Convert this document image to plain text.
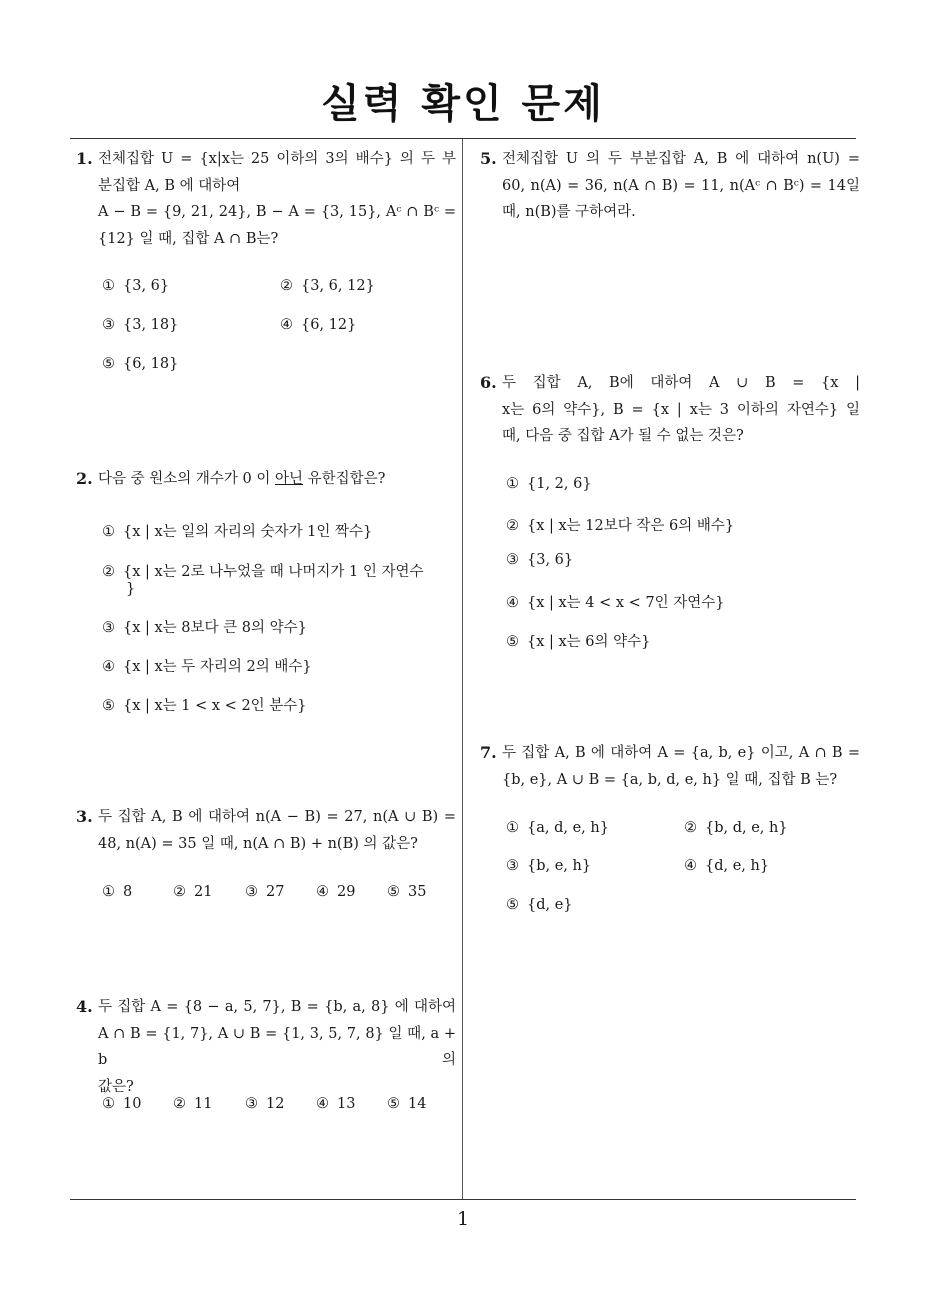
실력 확인 문제
1
1. 전체집합 U = {x|x는 25 이하의 3의 배수} 의 두 부
분집합 A, B 에 대하여
A − B = {9, 21, 24}, B − A = {3, 15}, Aᶜ ∩ Bᶜ =
{12} 일 때, 집합 A ∩ B는?
① {3, 6}	② {3, 6, 12}
③ {3, 18}	④ {6, 12}
⑤ {6, 18}
2. 다음 중 원소의 개수가 0 이 아닌 유한집합은?
① {x | x는 일의 자리의 숫자가 1인 짝수}
② {x | x는 2로 나누었을 때 나머지가 1 인 자연수
}
③ {x | x는 8보다 큰 8의 약수}
④ {x | x는 두 자리의 2의 배수}
⑤ {x | x는 1 < x < 2인 분수}
3. 두 집합 A, B 에 대하여 n(A − B) = 27, n(A ∪ B) =
48, n(A) = 35 일 때, n(A ∩ B) + n(B) 의 값은?
① 8	② 21 ③ 27 ④ 29 ⑤ 35
4. 두 집합 A = {8 − a, 5, 7}, B = {b, a, 8} 에 대하여
A ∩ B = {1, 7}, A ∪ B = {1, 3, 5, 7, 8} 일 때, a + b 의
값은?
① 10 ② 11 ③ 12 ④ 13 ⑤ 14
5. 전체집합 U 의 두 부분집합 A, B 에 대하여 n(U) =
60, n(A) = 36, n(A ∩ B) = 11, n(Aᶜ ∩ Bᶜ) = 14일
때, n(B)를 구하여라.
6. 두 집합 A, B에 대하여 A ∪ B = {x |
x는 6의 약수}, B = {x | x는 3 이하의 자연수} 일
때, 다음 중 집합 A가 될 수 없는 것은?
① {1, 2, 6}
② {x | x는 12보다 작은 6의 배수}
③ {3, 6}
④ {x | x는 4 < x < 7인 자연수}
⑤ {x | x는 6의 약수}
7. 두 집합 A, B 에 대하여 A = {a, b, e} 이고, A ∩ B =
{b, e}, A ∪ B = {a, b, d, e, h} 일 때, 집합 B 는?
① {a, d, e, h}	② {b, d, e, h}
③ {b, e, h}	④ {d, e, h}
⑤ {d, e}
